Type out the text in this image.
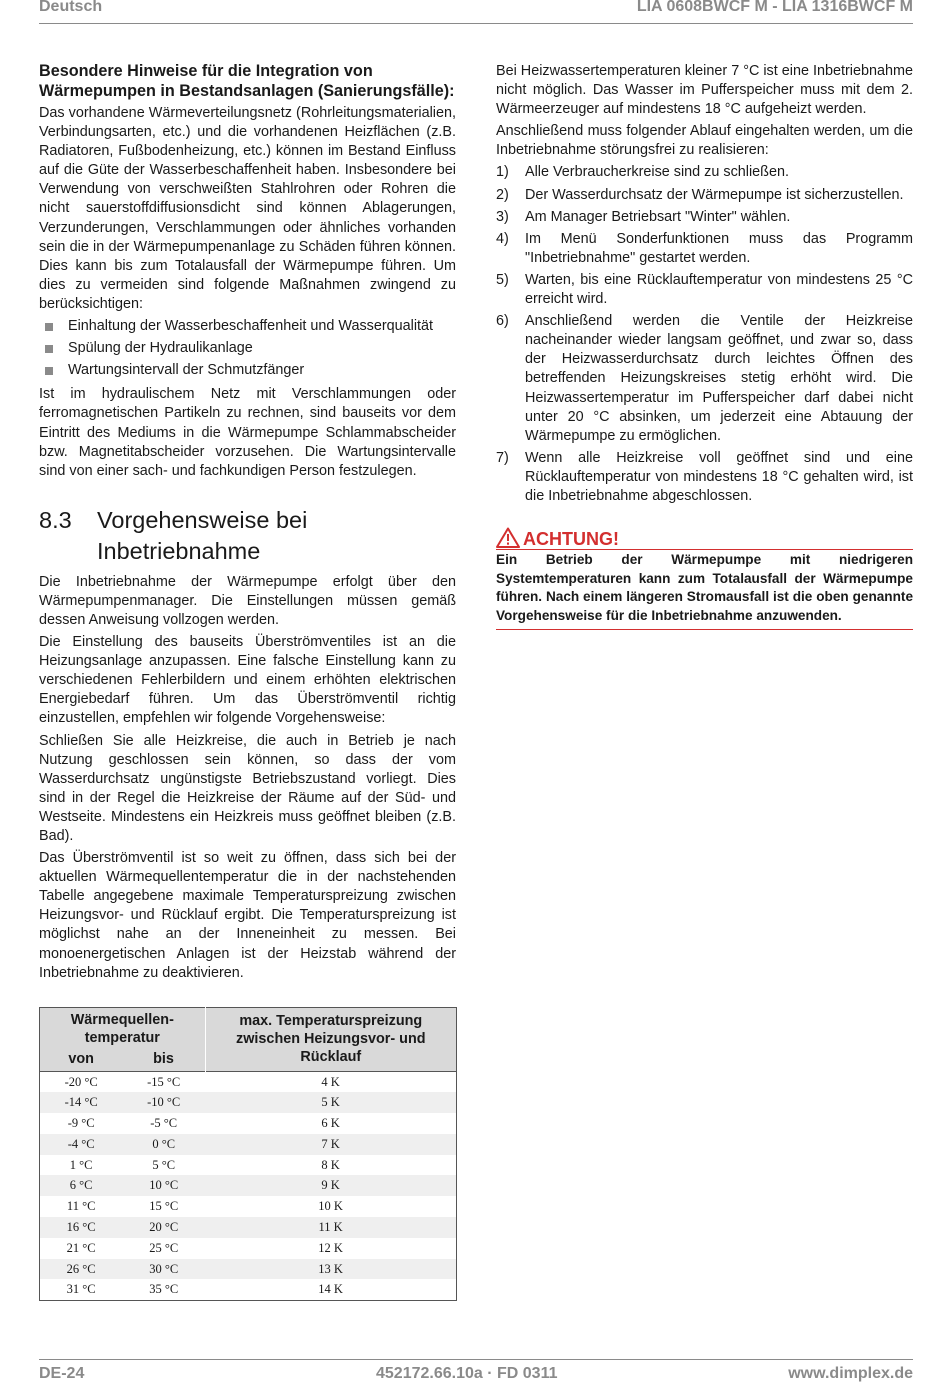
Deutsch	LIA 0608BWCF M - LIA 1316BWCF M
Besondere Hinweise für die Integration von Wärmepumpen in Bestandsanlagen (Sanierungsfälle):

Das vorhandene Wärmeverteilungsnetz (Rohrleitungsmaterialien, Verbindungsarten, etc.) und die vorhandenen Heizflächen (z.B. Radiatoren, Fußbodenheizung, etc.) können im Bestand Einfluss auf die Güte der Wasserbeschaffenheit haben. Insbesondere bei Verwendung von verschweißten Stahlrohren oder Rohren die nicht sauerstoffdiffusionsdicht sind können Ablagerungen, Verzunderungen, Verschlammungen oder ähnliches vorhanden sein die in der Wärmepumpenanlage zu Schäden führen können. Dies kann bis zum Totalausfall der Wärmepumpe führen. Um dies zu vermeiden sind folgende Maßnahmen zwingend zu berücksichtigen:

Einhaltung der Wasserbeschaffenheit und Wasserqualität
Spülung der Hydraulikanlage
Wartungsintervall der Schmutzfänger

Ist im hydraulischem Netz mit Verschlammungen oder ferromagnetischen Partikeln zu rechnen, sind bauseits vor dem Eintritt des Mediums in die Wärmepumpe Schlammabscheider bzw. Magnetitabscheider vorzusehen. Die Wartungsintervalle sind von einer sach- und fachkundigen Person festzulegen.

8.3 Vorgehensweise bei Inbetriebnahme

Die Inbetriebnahme der Wärmepumpe erfolgt über den Wärmepumpenmanager. Die Einstellungen müssen gemäß dessen Anweisung vollzogen werden.

Die Einstellung des bauseits Überströmventiles ist an die Heizungsanlage anzupassen. Eine falsche Einstellung kann zu verschiedenen Fehlerbildern und einem erhöhten elektrischen Energiebedarf führen. Um das Überströmventil richtig einzustellen, empfehlen wir folgende Vorgehensweise:

Schließen Sie alle Heizkreise, die auch in Betrieb je nach Nutzung geschlossen sein können, so dass der vom Wasserdurchsatz ungünstigste Betriebszustand vorliegt. Dies sind in der Regel die Heizkreise der Räume auf der Süd- und Westseite. Mindestens ein Heizkreis muss geöffnet bleiben (z.B. Bad).

Das Überströmventil ist so weit zu öffnen, dass sich bei der aktuellen Wärmequellentemperatur die in der nachstehenden Tabelle angegebene maximale Temperaturspreizung zwischen Heizungsvor- und Rücklauf ergibt. Die Temperaturspreizung ist möglichst nahe an der Inneneinheit zu messen. Bei monoenergetischen Anlagen ist der Heizstab während der Inbetriebnahme zu deaktivieren.

Wärmequellen-temperatur		max. Temperaturspreizung zwischen Heizungsvor- und Rücklauf
von	bis	
-20 °C	-15 °C	4 K
-14 °C	-10 °C	5 K
-9 °C	-5 °C	6 K
-4 °C	0 °C	7 K
1 °C	5 °C	8 K
6 °C	10 °C	9 K
11 °C	15 °C	10 K
16 °C	20 °C	11 K
21 °C	25 °C	12 K
26 °C	30 °C	13 K
31 °C	35 °C	14 K

Bei Heizwassertemperaturen kleiner 7 °C ist eine Inbetriebnahme nicht möglich. Das Wasser im Pufferspeicher muss mit dem 2. Wärmeerzeuger auf mindestens 18 °C aufgeheizt werden.

Anschließend muss folgender Ablauf eingehalten werden, um die Inbetriebnahme störungsfrei zu realisieren:

1) Alle Verbraucherkreise sind zu schließen.
2) Der Wasserdurchsatz der Wärmepumpe ist sicherzustellen.
3) Am Manager Betriebsart "Winter" wählen.
4) Im Menü Sonderfunktionen muss das Programm "Inbetriebnahme" gestartet werden.
5) Warten, bis eine Rücklauftemperatur von mindestens 25 °C erreicht wird.
6) Anschließend werden die Ventile der Heizkreise nacheinander wieder langsam geöffnet, und zwar so, dass der Heizwasserdurchsatz durch leichtes Öffnen des betreffenden Heizungskreises stetig erhöht wird. Die Heizwassertemperatur im Pufferspeicher darf dabei nicht unter 20 °C absinken, um jederzeit eine Abtauung der Wärmepumpe zu ermöglichen.
7) Wenn alle Heizkreise voll geöffnet sind und eine Rücklauftemperatur von mindestens 18 °C gehalten wird, ist die Inbetriebnahme abgeschlossen.
ACHTUNG!
Ein Betrieb der Wärmepumpe mit niedrigeren Systemtemperaturen kann zum Totalausfall der Wärmepumpe führen. Nach einem längeren Stromausfall ist die oben genannte Vorgehensweise für die Inbetriebnahme anzuwenden.
DE-24	452172.66.10a · FD 0311	www.dimplex.de
